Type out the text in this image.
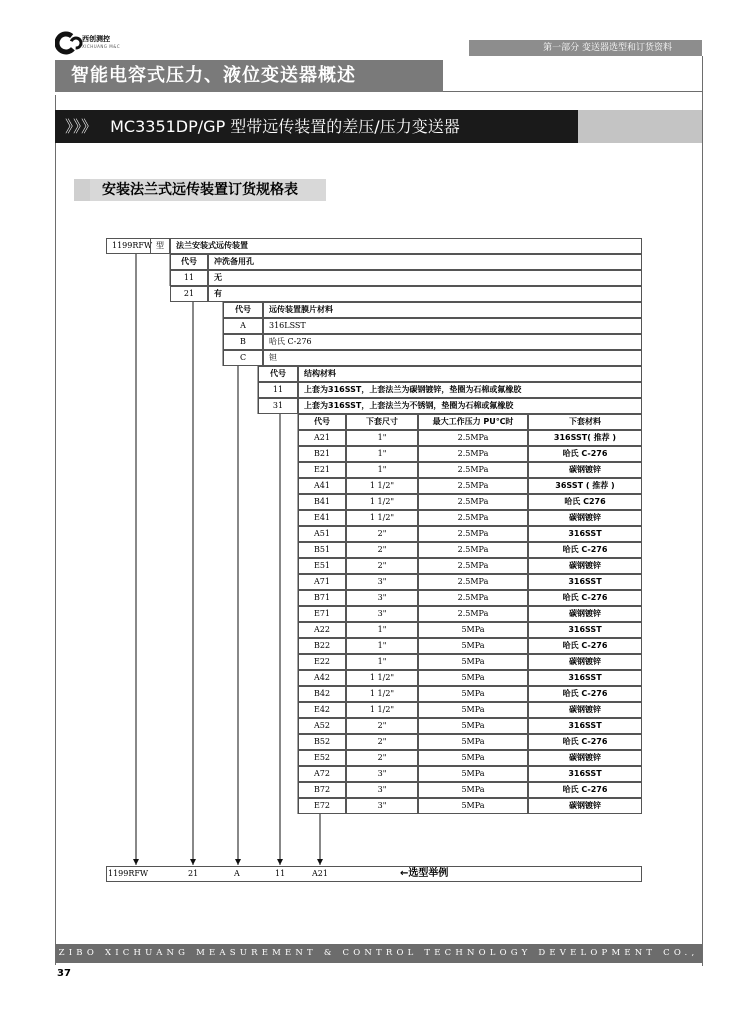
西创测控
XICHUANG M&C	第一部分 变送器选型和订货资料
智能电容式压力、液位变送器概述
》》》 MC3351DP/GP 型带远传装置的差压/压力变送器
安装法兰式远传装置订货规格表
1199RFW 型	法兰安装式远传装置
代号	冲洗备用孔
11	无
21	有
代号	远传装置膜片材料
A	316LSST
B	哈氏 C-276
C	钽
代号	结构材料
11	上套为316SST，上套法兰为碳钢镀锌，垫圈为石棉或氟橡胶
31	上套为316SST，上套法兰为不锈钢，垫圈为石棉或氟橡胶
代号	下套尺寸	最大工作压力 PU℃时	下套材料
A21	1"	2.5MPa	316SST( 推荐 )
B21	1"	2.5MPa	哈氏 C-276
E21	1"	2.5MPa	碳钢镀锌
A41	1 1/2"	2.5MPa	36SST ( 推荐 )
B41	1 1/2"	2.5MPa	哈氏 C276
E41	1 1/2"	2.5MPa	碳钢镀锌
A51	2"	2.5MPa	316SST
B51	2"	2.5MPa	哈氏 C-276
E51	2"	2.5MPa	碳钢镀锌
A71	3"	2.5MPa	316SST
B71	3"	2.5MPa	哈氏 C-276
E71	3"	2.5MPa	碳钢镀锌
A22	1"	5MPa	316SST
B22	1"	5MPa	哈氏 C-276
E22	1"	5MPa	碳钢镀锌
A42	1 1/2"	5MPa	316SST
B42	1 1/2"	5MPa	哈氏 C-276
E42	1 1/2"	5MPa	碳钢镀锌
A52	2"	5MPa	316SST
B52	2"	5MPa	哈氏 C-276
E52	2"	5MPa	碳钢镀锌
A72	3"	5MPa	316SST
B72	3"	5MPa	哈氏 C-276
E72	3"	5MPa	碳钢镀锌
1199RFW	21	A	11	A21	←选型举例
ZIBO XICHUANG MEASUREMENT & CONTROL TECHNOLOGY DEVELOPMENT CO., LTD
37
